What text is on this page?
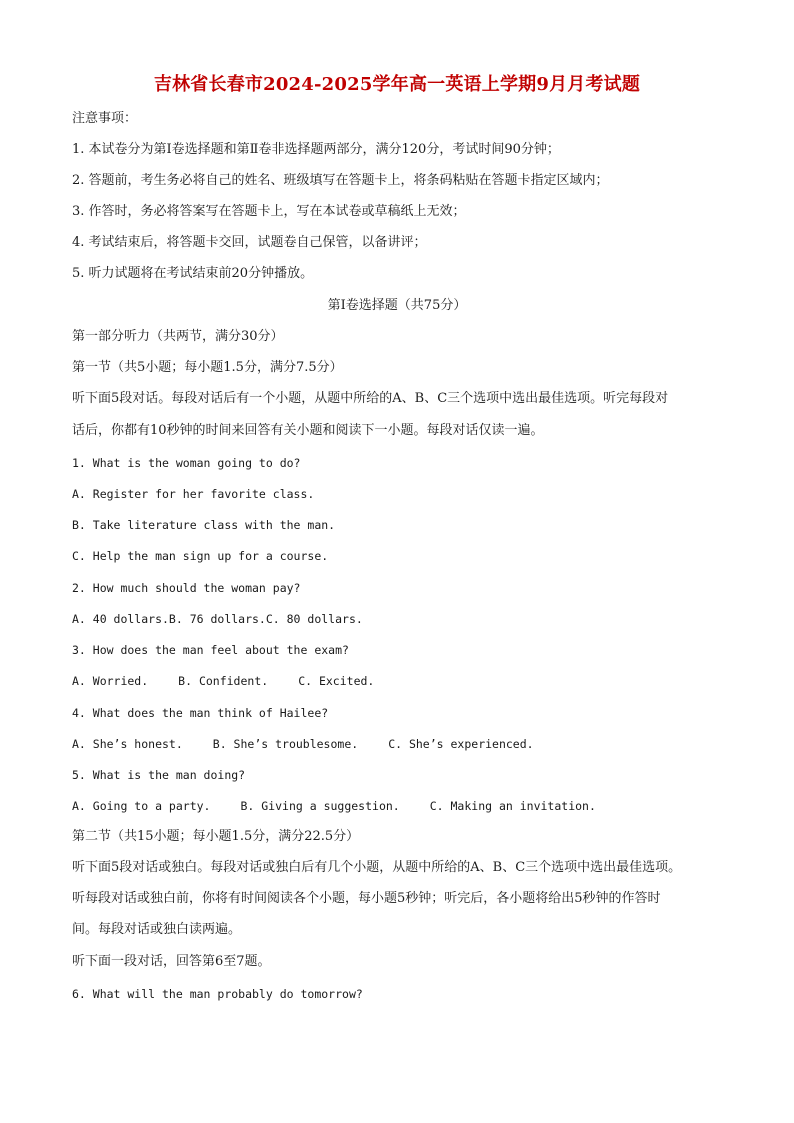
吉林省长春市2024-2025学年高一英语上学期9月月考试题
注意事项：
1. 本试卷分为第Ⅰ卷选择题和第Ⅱ卷非选择题两部分，满分120分，考试时间90分钟；
2. 答题前，考生务必将自己的姓名、班级填写在答题卡上，将条码粘贴在答题卡指定区域内；
3. 作答时，务必将答案写在答题卡上，写在本试卷或草稿纸上无效；
4. 考试结束后，将答题卡交回，试题卷自己保管，以备讲评；
5. 听力试题将在考试结束前20分钟播放。
第Ⅰ卷选择题（共75分）
第一部分听力（共两节，满分30分）
第一节（共5小题；每小题1.5分，满分7.5分）
听下面5段对话。每段对话后有一个小题，从题中所给的A、B、C三个选项中选出最佳选项。听完每段对
话后，你都有10秒钟的时间来回答有关小题和阅读下一小题。每段对话仅读一遍。
1. What is the woman going to do?
A. Register for her favorite class.
B. Take literature class with the man.
C. Help the man sign up for a course.
2. How much should the woman pay?
A. 40 dollars.B. 76 dollars.C. 80 dollars.
3. How does the man feel about the exam?
A. Worried.	B. Confident.	C. Excited.
4. What does the man think of Hailee?
A. She’s honest.	B. She’s troublesome.	C. She’s experienced.
5. What is the man doing?
A. Going to a party.	B. Giving a suggestion.	C. Making an invitation.
第二节（共15小题；每小题1.5分，满分22.5分）
听下面5段对话或独白。每段对话或独白后有几个小题，从题中所给的A、B、C三个选项中选出最佳选项。
听每段对话或独白前，你将有时间阅读各个小题，每小题5秒钟；听完后，各小题将给出5秒钟的作答时
间。每段对话或独白读两遍。
听下面一段对话，回答第6至7题。
6. What will the man probably do tomorrow?
